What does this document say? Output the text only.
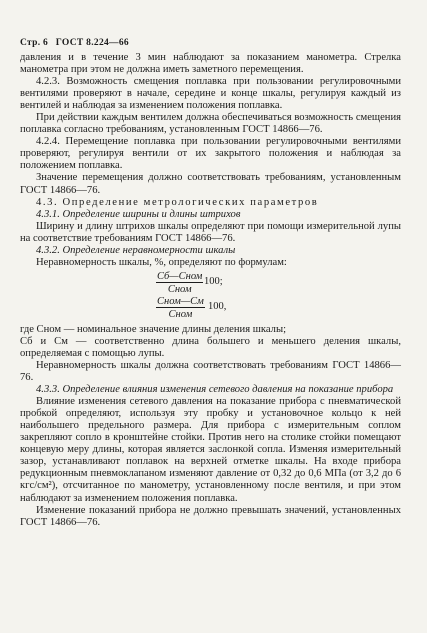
Стр. 6 ГОСТ 8.224—66

давления и в течение 3 мин наблюдают за показанием манометра. Стрелка манометра при этом не должна иметь заметного перемещения.

4.2.3. Возможность смещения поплавка при пользовании регулировочными вентилями проверяют в начале, середине и конце шкалы, регулируя каждый из вентилей и наблюдая за изменением положения поплавка.

При действии каждым вентилем должна обеспечиваться возможность смещения поплавка согласно требованиям, установленным ГОСТ 14866—76.

4.2.4. Перемещение поплавка при пользовании регулировочными вентилями проверяют, регулируя вентили от их закрытого положения и наблюдая за положением поплавка.

Значение перемещения должно соответствовать требованиям, установленным ГОСТ 14866—76.

4.3. Определение метрологических параметров

4.3.1. Определение ширины и длины штрихов

Ширину и длину штрихов шкалы определяют при помощи измерительной лупы на соответствие требованиям ГОСТ 14866—76.

4.3.2. Определение неравномерности шкалы

Неравномерность шкалы, %, определяют по формулам:

Cб—Cном
Cном
100;
Cном—Cм
Cном
100,

где Cном — номинальное значение длины деления шкалы;

Cб и Cм — соответственно длина большего и меньшего деления шкалы, определяемая с помощью лупы.

Неравномерность шкалы должна соответствовать требованиям ГОСТ 14866—76.

4.3.3. Определение влияния изменения сетевого давления на показание прибора

Влияние изменения сетевого давления на показание прибора с пневматической пробкой определяют, используя эту пробку и установочное кольцо к ней наибольшего предельного размера. Для прибора с измерительным соплом закрепляют сопло в кронштейне стойки. Против него на столике стойки помещают концевую меру длины, которая является заслонкой сопла. Изменяя измерительный зазор, устанавливают поплавок на верхней отметке шкалы. На входе прибора редукционным пневмоклапаном изменяют давление от 0,32 до 0,6 МПа (от 3,2 до 6 кгс/см²), отсчитанное по манометру, установленному после вентиля, и при этом наблюдают за изменением положения поплавка.

Изменение показаний прибора не должно превышать значений, установленных ГОСТ 14866—76.
